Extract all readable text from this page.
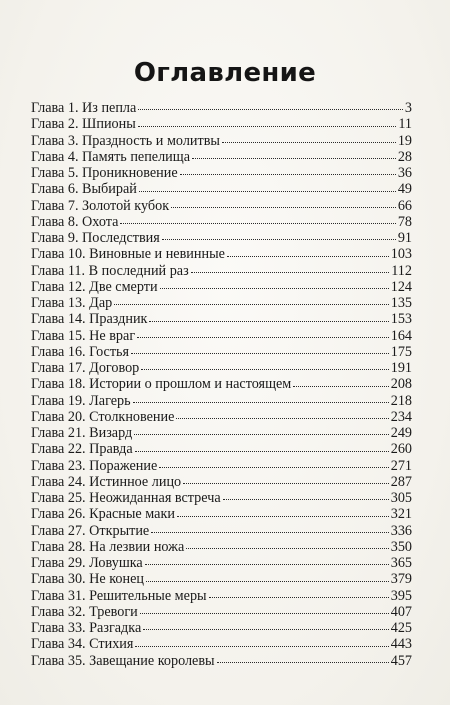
Оглавление
Глава 1. Из пепла	3
Глава 2. Шпионы	11
Глава 3. Праздность и молитвы	19
Глава 4. Память пепелища	28
Глава 5. Проникновение	36
Глава 6. Выбирай	49
Глава 7. Золотой кубок	66
Глава 8. Охота	78
Глава 9. Последствия	91
Глава 10. Виновные и невинные	103
Глава 11. В последний раз	112
Глава 12. Две смерти	124
Глава 13. Дар	135
Глава 14. Праздник	153
Глава 15. Не враг	164
Глава 16. Гостья	175
Глава 17. Договор	191
Глава 18. Истории о прошлом и настоящем	208
Глава 19. Лагерь	218
Глава 20. Столкновение	234
Глава 21. Визард	249
Глава 22. Правда	260
Глава 23. Поражение	271
Глава 24. Истинное лицо	287
Глава 25. Неожиданная встреча	305
Глава 26. Красные маки	321
Глава 27. Открытие	336
Глава 28. На лезвии ножа	350
Глава 29. Ловушка	365
Глава 30. Не конец	379
Глава 31. Решительные меры	395
Глава 32. Тревоги	407
Глава 33. Разгадка	425
Глава 34. Стихия	443
Глава 35. Завещание королевы	457
